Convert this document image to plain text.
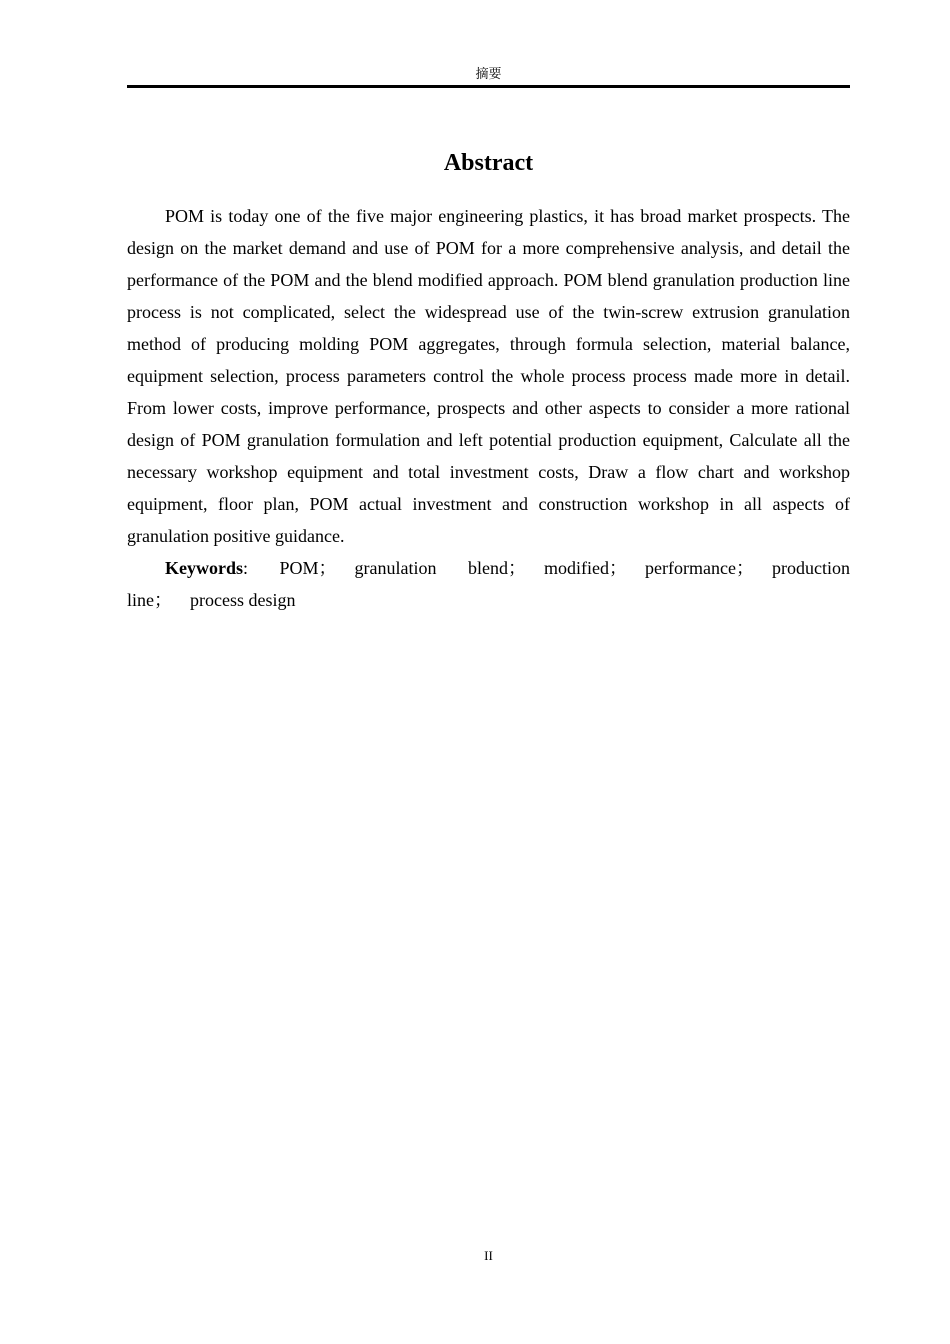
摘要
Abstract

POM is today one of the five major engineering plastics, it has broad market prospects. The design on the market demand and use of POM for a more comprehensive analysis, and detail the performance of the POM and the blend modified approach. POM blend granulation production line process is not complicated, select the widespread use of the twin-screw extrusion granulation method of producing molding POM aggregates, through formula selection, material balance, equipment selection, process parameters control the whole process process made more in detail. From lower costs, improve performance, prospects and other aspects to consider a more rational design of POM granulation formulation and left potential production equipment, Calculate all the necessary workshop equipment and total investment costs, Draw a flow chart and workshop equipment, floor plan, POM actual investment and construction workshop in all aspects of granulation positive guidance.

Keywords: POM； granulation blend； modified； performance； production line； process design

II
